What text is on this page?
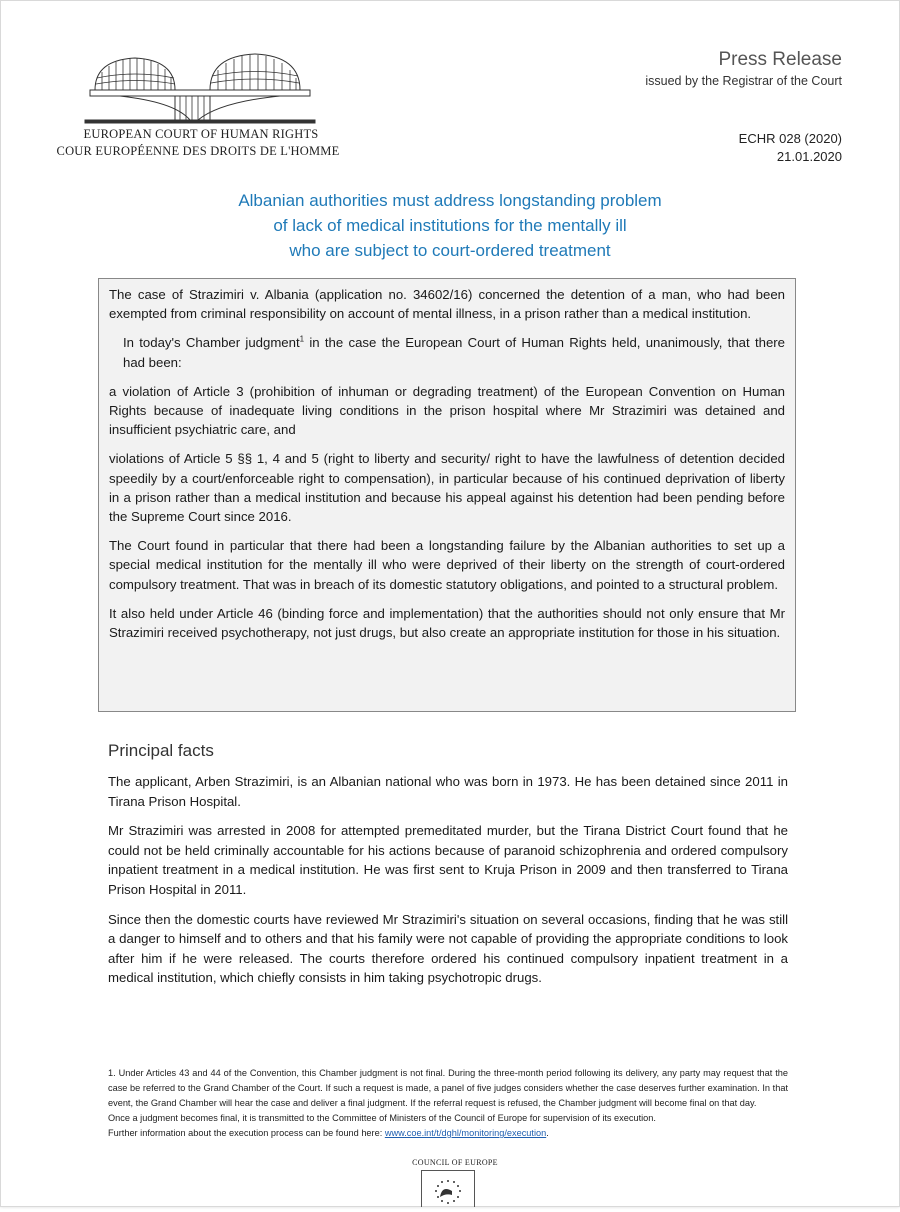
EUROPEAN COURT OF HUMAN RIGHTS
COUR EUROPÉENNE DES DROITS DE L'HOMME
Press Release
issued by the Registrar of the Court
ECHR 028 (2020)
21.01.2020
Albanian authorities must address longstanding problem
of lack of medical institutions for the mentally ill
who are subject to court-ordered treatment

The case of Strazimiri v. Albania (application no. 34602/16) concerned the detention of a man, who had been exempted from criminal responsibility on account of mental illness, in a prison rather than a medical institution.

In today's Chamber judgment$^1$ in the case the European Court of Human Rights held, unanimously, that there had been:

a violation of Article 3 (prohibition of inhuman or degrading treatment) of the European Convention on Human Rights because of inadequate living conditions in the prison hospital where Mr Strazimiri was detained and insufficient psychiatric care, and

violations of Article 5 §§ 1, 4 and 5 (right to liberty and security/ right to have the lawfulness of detention decided speedily by a court/enforceable right to compensation), in particular because of his continued deprivation of liberty in a prison rather than a medical institution and because his appeal against his detention had been pending before the Supreme Court since 2016.

The Court found in particular that there had been a longstanding failure by the Albanian authorities to set up a special medical institution for the mentally ill who were deprived of their liberty on the strength of court-ordered compulsory treatment. That was in breach of its domestic statutory obligations, and pointed to a structural problem.

It also held under Article 46 (binding force and implementation) that the authorities should not only ensure that Mr Strazimiri received psychotherapy, not just drugs, but also create an appropriate institution for those in his situation.

Principal facts

The applicant, Arben Strazimiri, is an Albanian national who was born in 1973. He has been detained since 2011 in Tirana Prison Hospital.

Mr Strazimiri was arrested in 2008 for attempted premeditated murder, but the Tirana District Court found that he could not be held criminally accountable for his actions because of paranoid schizophrenia and ordered compulsory inpatient treatment in a medical institution. He was first sent to Kruja Prison in 2009 and then transferred to Tirana Prison Hospital in 2011.

Since then the domestic courts have reviewed Mr Strazimiri's situation on several occasions, finding that he was still a danger to himself and to others and that his family were not capable of providing the appropriate conditions to look after him if he were released. The courts therefore ordered his continued compulsory inpatient treatment in a medical institution, which chiefly consists in him taking psychotropic drugs.

1. Under Articles 43 and 44 of the Convention, this Chamber judgment is not final. During the three-month period following its delivery, any party may request that the case be referred to the Grand Chamber of the Court. If such a request is made, a panel of five judges considers whether the case deserves further examination. In that event, the Grand Chamber will hear the case and deliver a final judgment. If the referral request is refused, the Chamber judgment will become final on that day.

Once a judgment becomes final, it is transmitted to the Committee of Ministers of the Council of Europe for supervision of its execution.

Further information about the execution process can be found here: www.coe.int/t/dghl/monitoring/execution.

COUNCIL OF EUROPE
